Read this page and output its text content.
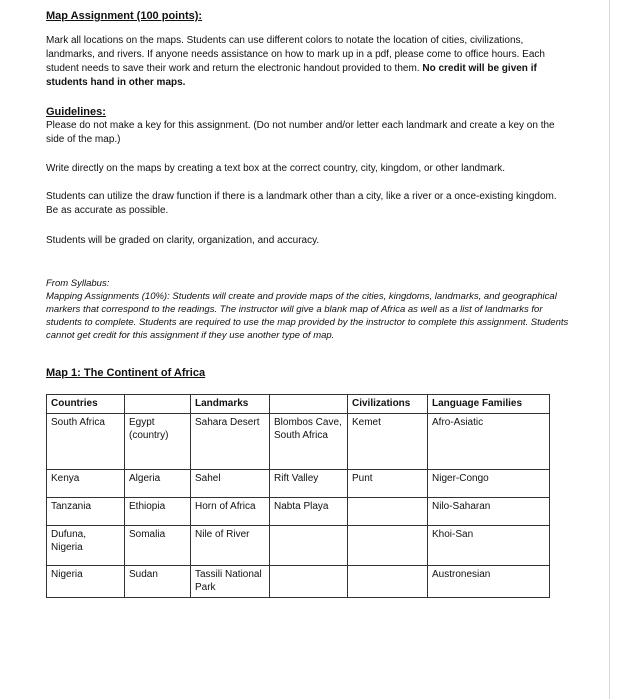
Map Assignment (100 points):

Mark all locations on the maps. Students can use different colors to notate the location of cities, civilizations, landmarks, and rivers. If anyone needs assistance on how to mark up in a pdf, please come to office hours. Each student needs to save their work and return the electronic handout provided to them. No credit will be given if students hand in other maps.

Guidelines:

Please do not make a key for this assignment. (Do not number and/or letter each landmark and create a key on the side of the map.)

Write directly on the maps by creating a text box at the correct country, city, kingdom, or other landmark.

Students can utilize the draw function if there is a landmark other than a city, like a river or a once-existing kingdom. Be as accurate as possible.

Students will be graded on clarity, organization, and accuracy.

From Syllabus:

Mapping Assignments (10%): Students will create and provide maps of the cities, kingdoms, landmarks, and geographical markers that correspond to the readings. The instructor will give a blank map of Africa as well as a list of landmarks for students to complete. Students are required to use the map provided by the instructor to complete this assignment. Students cannot get credit for this assignment if they use another type of map.

Map 1: The Continent of Africa

Countries		Landmarks		Civilizations	Language Families
South Africa	Egypt (country)	Sahara Desert	Blombos Cave, South Africa	Kemet	Afro-Asiatic
Kenya	Algeria	Sahel	Rift Valley	Punt	Niger-Congo
Tanzania	Ethiopia	Horn of Africa	Nabta Playa		Nilo-Saharan
Dufuna, Nigeria	Somalia	Nile of River			Khoi-San
Nigeria	Sudan	Tassili National Park			Austronesian
